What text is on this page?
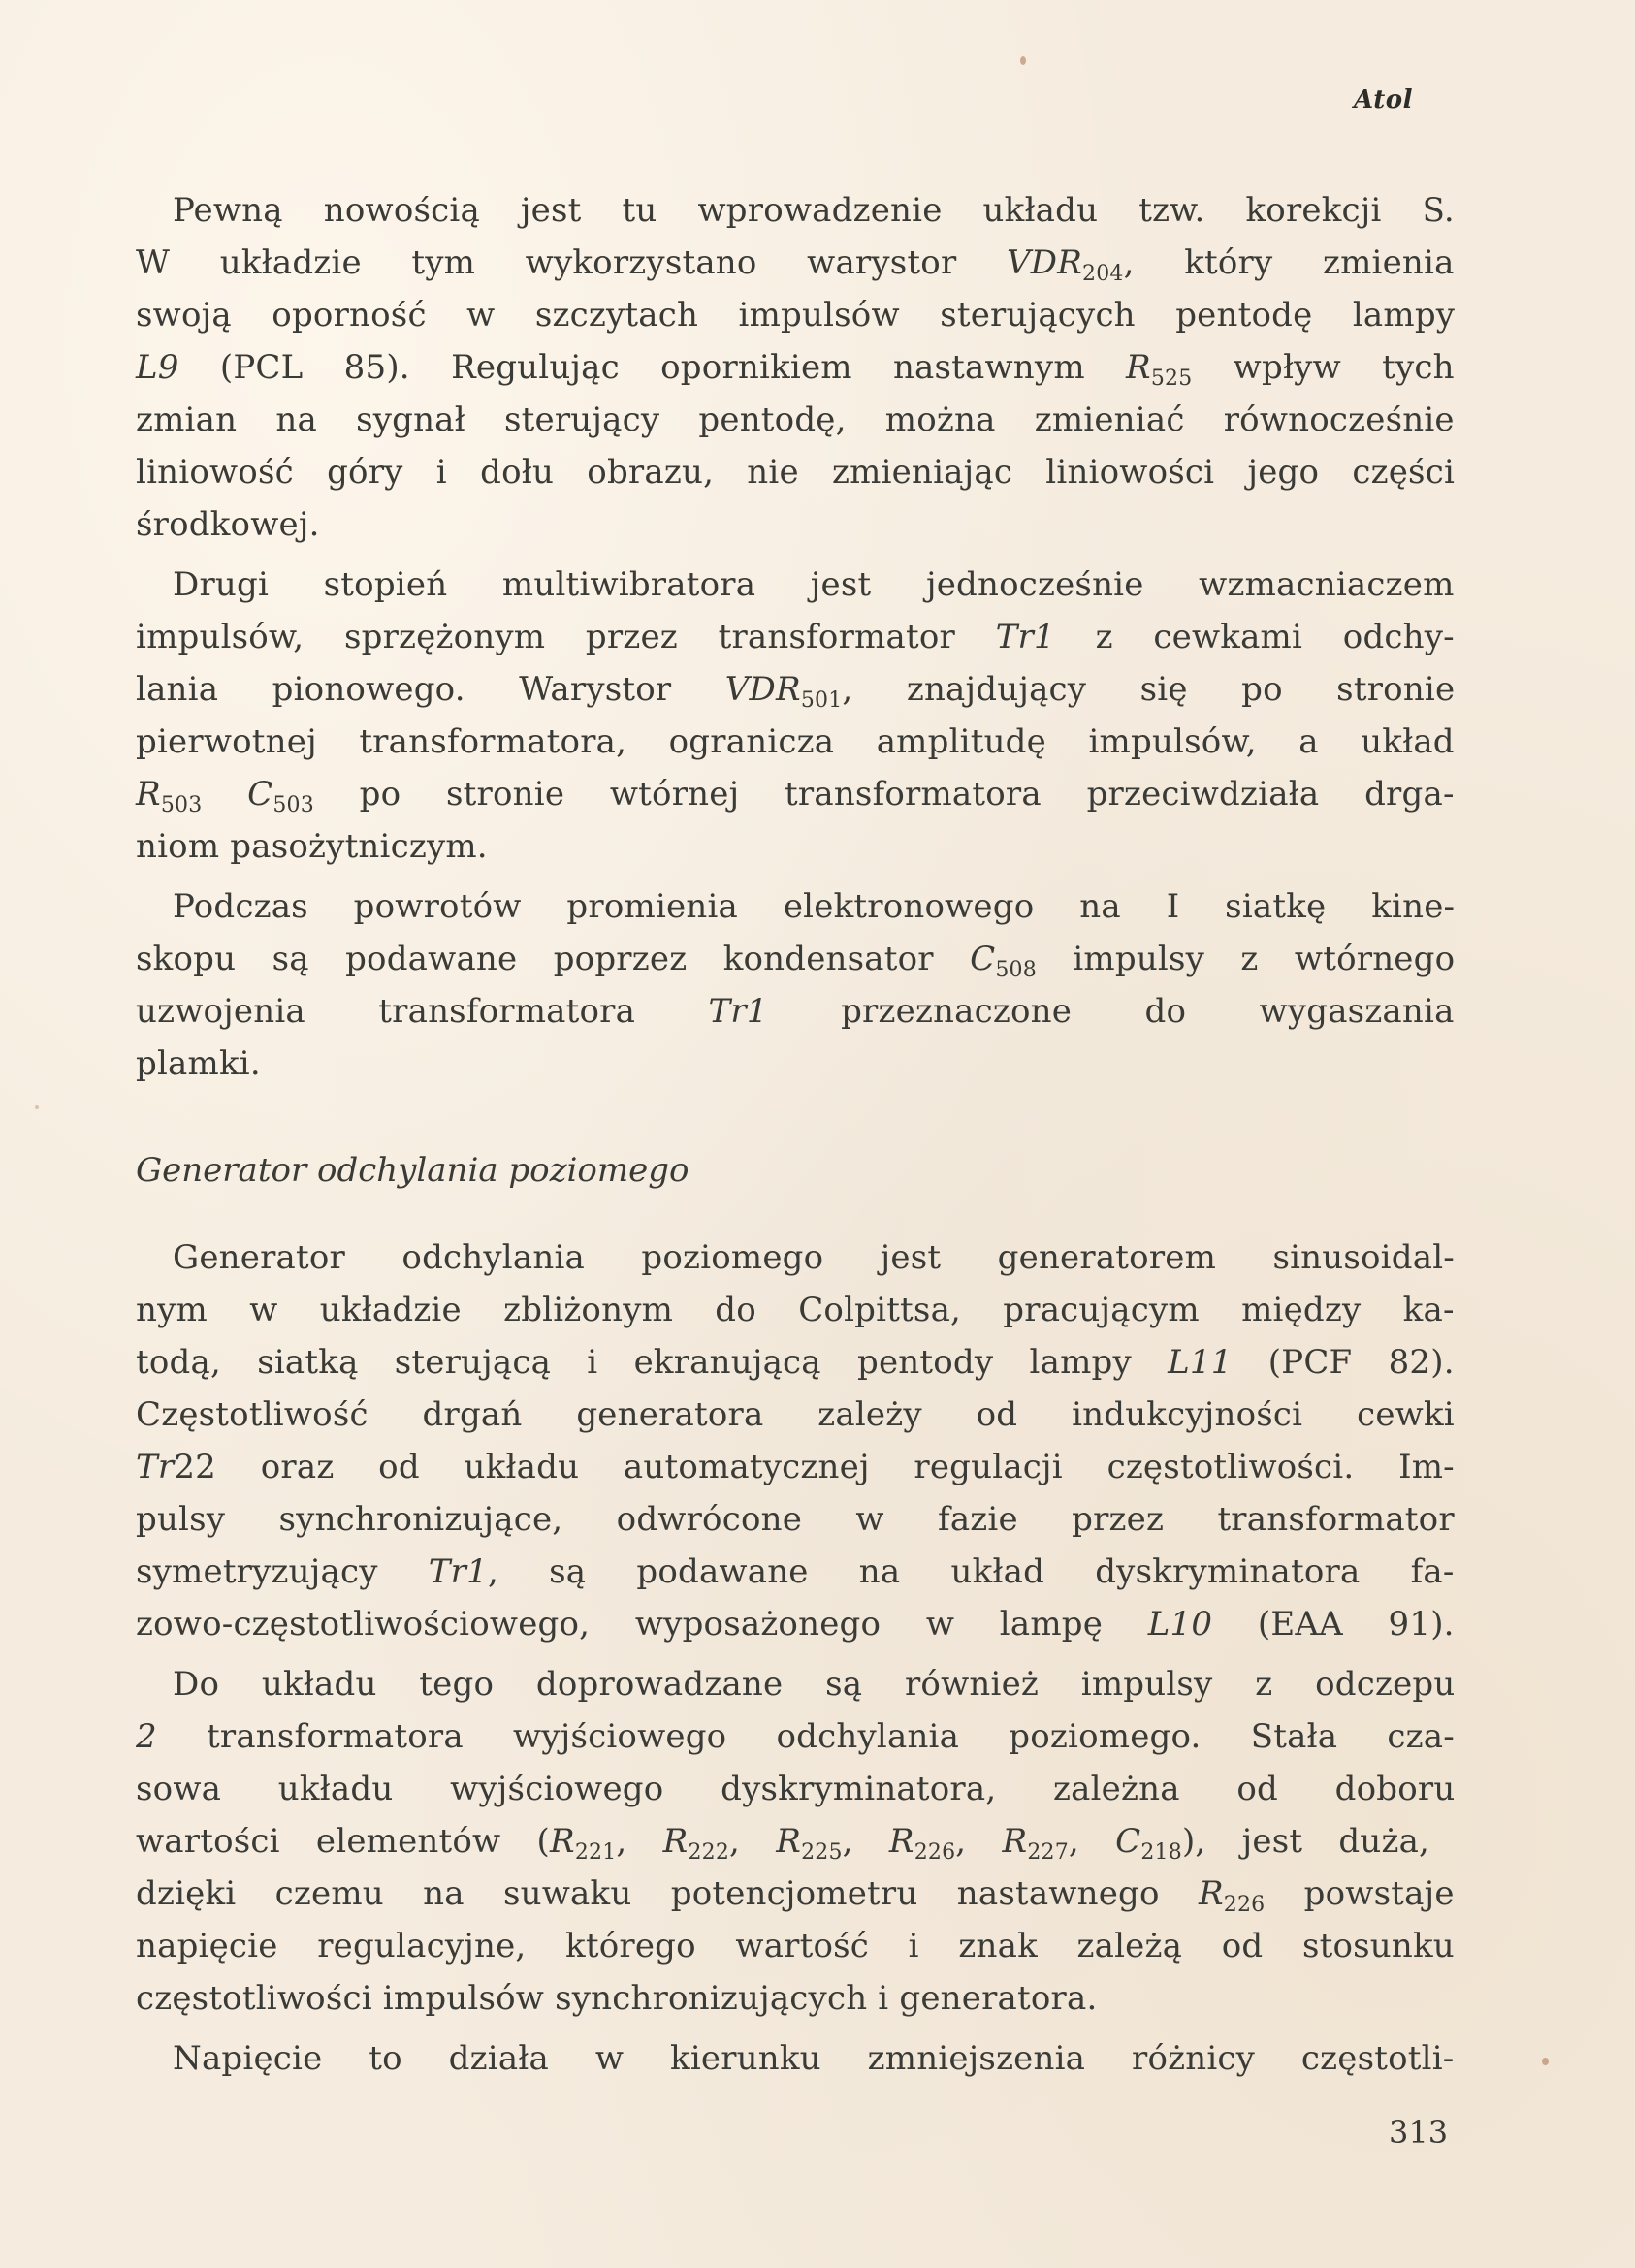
Atol
Pewną nowością jest tu wprowadzenie układu tzw. korekcji S.
W układzie tym wykorzystano warystor $VDR_{204}$, który zmienia
swoją oporność w szczytach impulsów sterujących pentodę lampy
L9 (PCL 85). Regulując opornikiem nastawnym $R_{525}$ wpływ tych
zmian na sygnał sterujący pentodę, można zmieniać równocześnie
liniowość góry i dołu obrazu, nie zmieniając liniowości jego części
środkowej.
Drugi stopień multiwibratora jest jednocześnie wzmacniaczem
impulsów, sprzężonym przez transformator Tr1 z cewkami odchy-
lania pionowego. Warystor $VDR_{501}$, znajdujący się po stronie
pierwotnej transformatora, ogranicza amplitudę impulsów, a układ
$R_{503}$ $C_{503}$ po stronie wtórnej transformatora przeciwdziała drga-
niom pasożytniczym.
Podczas powrotów promienia elektronowego na I siatkę kine-
skopu są podawane poprzez kondensator $C_{508}$ impulsy z wtórnego
uzwojenia transformatora Tr1 przeznaczone do wygaszania
plamki.
Generator odchylania poziomego
Generator odchylania poziomego jest generatorem sinusoidal-
nym w układzie zbliżonym do Colpittsa, pracującym między ka-
todą, siatką sterującą i ekranującą pentody lampy L11 (PCF 82).
Częstotliwość drgań generatora zależy od indukcyjności cewki
Tr22 oraz od układu automatycznej regulacji częstotliwości. Im-
pulsy synchronizujące, odwrócone w fazie przez transformator
symetryzujący Tr1, są podawane na układ dyskryminatora fa-
zowo-częstotliwościowego, wyposażonego w lampę L10 (EAA 91).
Do układu tego doprowadzane są również impulsy z odczepu
2 transformatora wyjściowego odchylania poziomego. Stała cza-
sowa układu wyjściowego dyskryminatora, zależna od doboru
wartości elementów ($R_{221}$, $R_{222}$, $R_{225}$, $R_{226}$, $R_{227}$, $C_{218}$), jest duża,
dzięki czemu na suwaku potencjometru nastawnego $R_{226}$ powstaje
napięcie regulacyjne, którego wartość i znak zależą od stosunku
częstotliwości impulsów synchronizujących i generatora.
Napięcie to działa w kierunku zmniejszenia różnicy częstotli-
313
